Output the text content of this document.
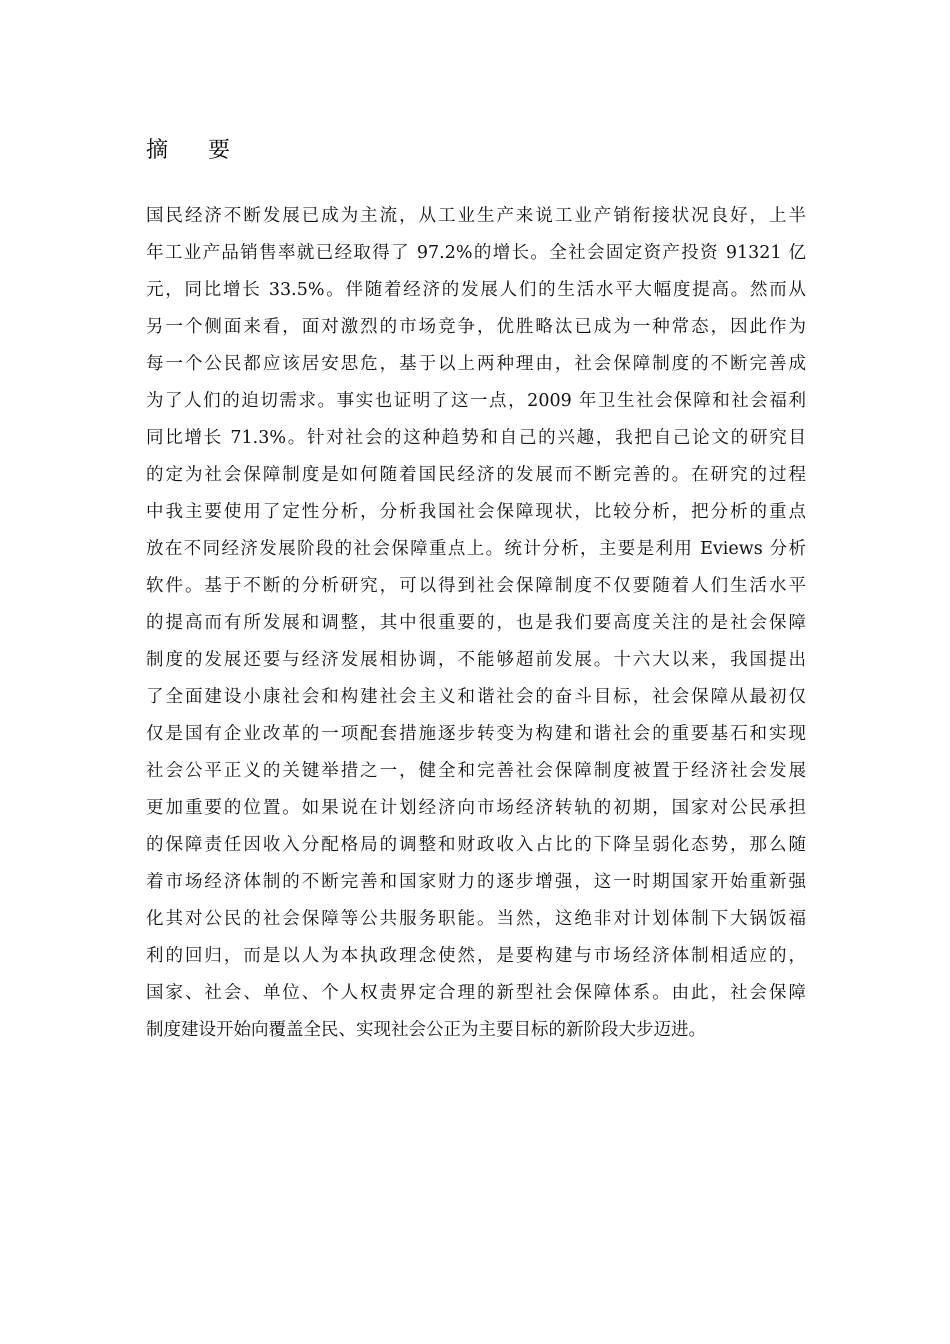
摘 要
国民经济不断发展已成为主流，从工业生产来说工业产销衔接状况良好，上半
年工业产品销售率就已经取得了 97.2%的增长。全社会固定资产投资 91321 亿
元，同比增长 33.5%。伴随着经济的发展人们的生活水平大幅度提高。然而从
另一个侧面来看，面对激烈的市场竞争，优胜略汰已成为一种常态，因此作为
每一个公民都应该居安思危，基于以上两种理由，社会保障制度的不断完善成
为了人们的迫切需求。事实也证明了这一点，2009 年卫生社会保障和社会福利
同比增长 71.3%。针对社会的这种趋势和自己的兴趣，我把自己论文的研究目
的定为社会保障制度是如何随着国民经济的发展而不断完善的。在研究的过程
中我主要使用了定性分析，分析我国社会保障现状，比较分析，把分析的重点
放在不同经济发展阶段的社会保障重点上。统计分析，主要是利用 Eviews 分析
软件。基于不断的分析研究，可以得到社会保障制度不仅要随着人们生活水平
的提高而有所发展和调整，其中很重要的，也是我们要高度关注的是社会保障
制度的发展还要与经济发展相协调，不能够超前发展。十六大以来，我国提出
了全面建设小康社会和构建社会主义和谐社会的奋斗目标，社会保障从最初仅
仅是国有企业改革的一项配套措施逐步转变为构建和谐社会的重要基石和实现
社会公平正义的关键举措之一，健全和完善社会保障制度被置于经济社会发展
更加重要的位置。如果说在计划经济向市场经济转轨的初期，国家对公民承担
的保障责任因收入分配格局的调整和财政收入占比的下降呈弱化态势，那么随
着市场经济体制的不断完善和国家财力的逐步增强，这一时期国家开始重新强
化其对公民的社会保障等公共服务职能。当然，这绝非对计划体制下大锅饭福
利的回归，而是以人为本执政理念使然，是要构建与市场经济体制相适应的，
国家、社会、单位、个人权责界定合理的新型社会保障体系。由此，社会保障
制度建设开始向覆盖全民、实现社会公正为主要目标的新阶段大步迈进。
